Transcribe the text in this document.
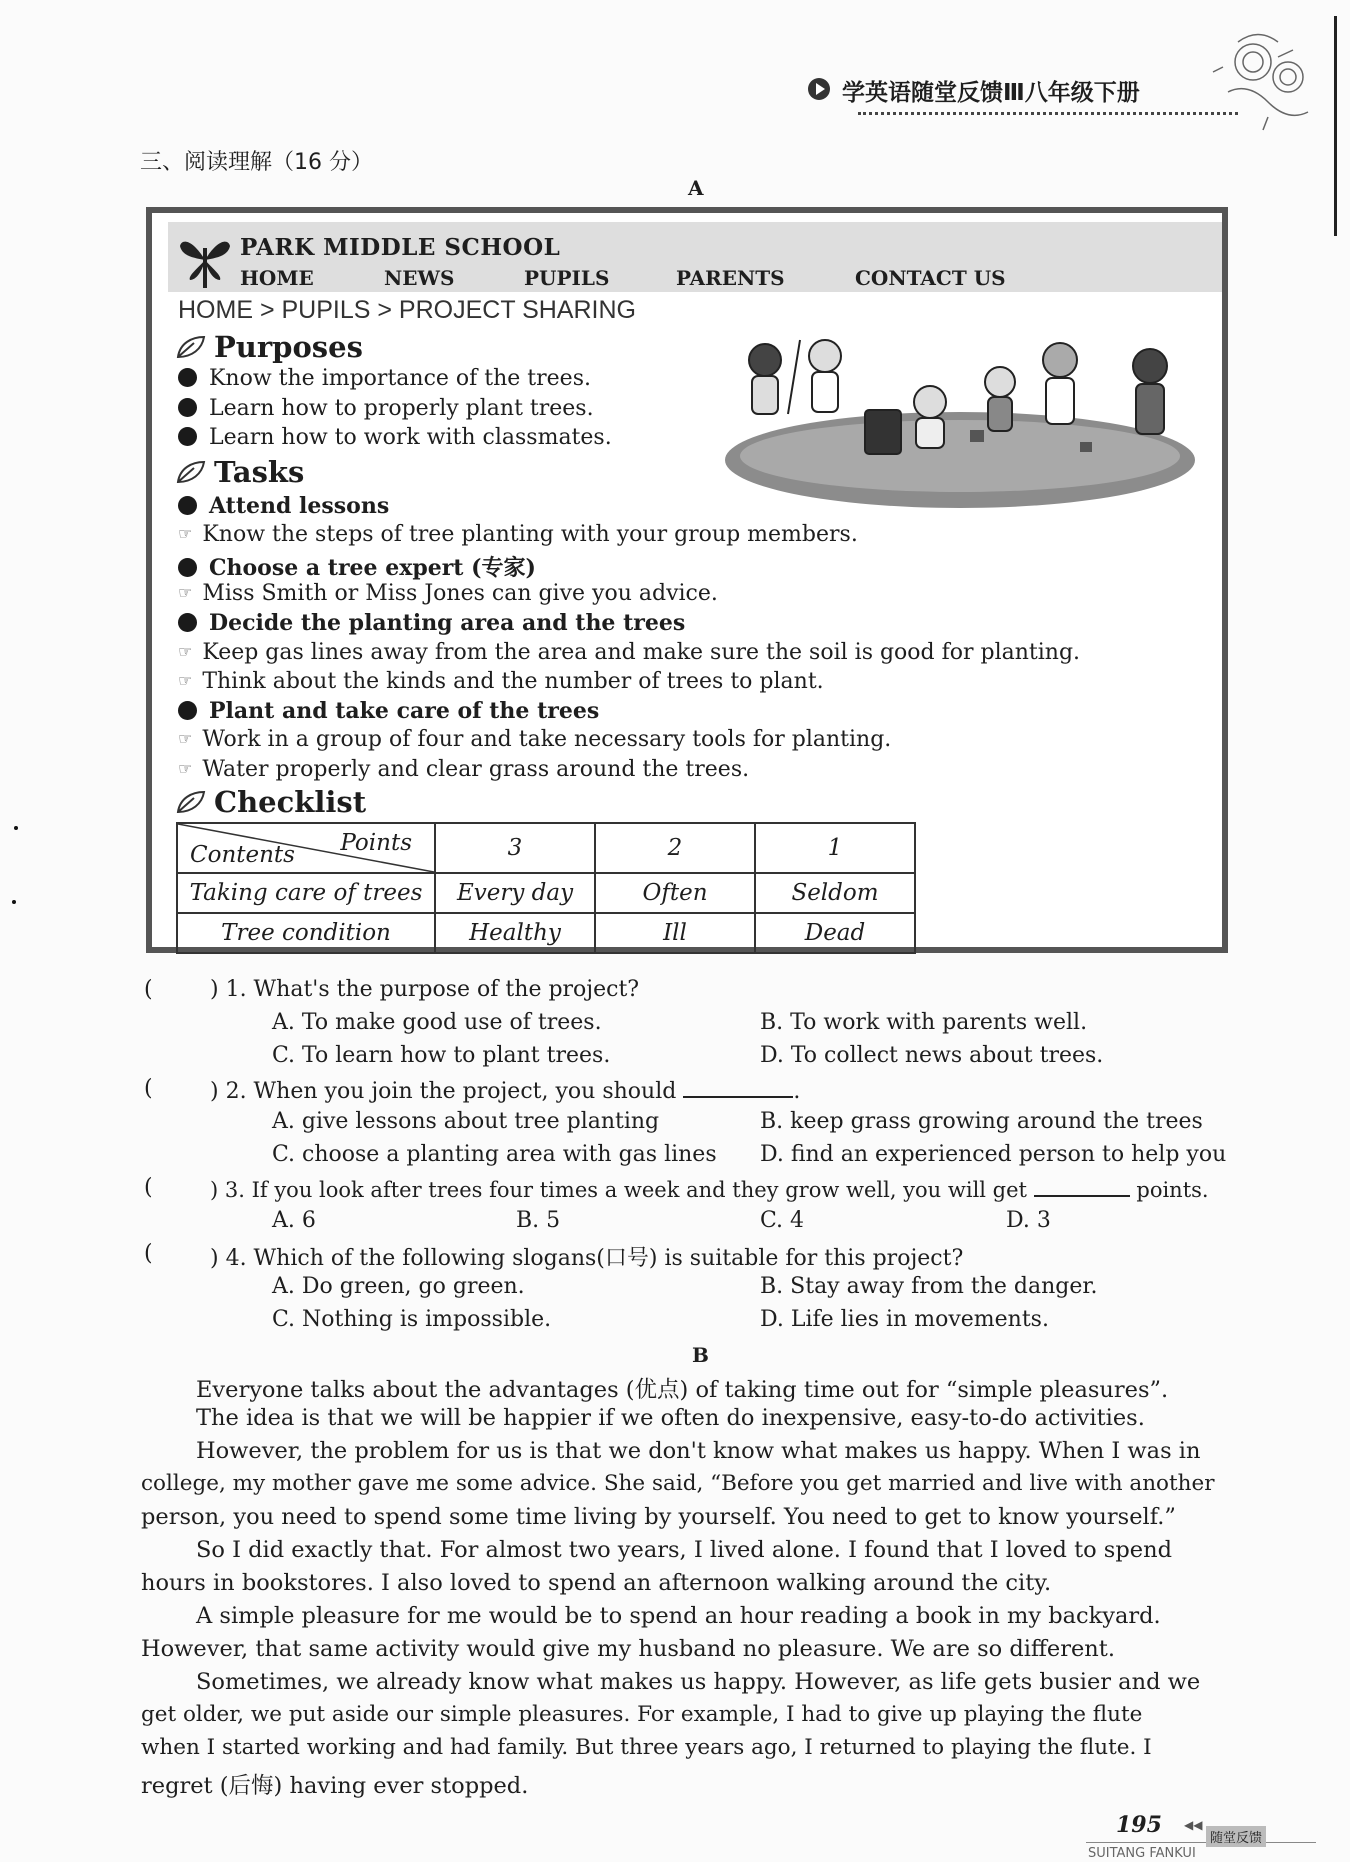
学英语随堂反馈Ⅲ八年级下册
三、阅读理解（16 分）
A
PARK MIDDLE SCHOOL
HOME	NEWS	PUPILS	PARENTS	CONTACT US
HOME > PUPILS > PROJECT SHARING
Purposes
Know the importance of the trees.
Learn how to properly plant trees.
Learn how to work with classmates.
Tasks
Attend lessons
☞ Know the steps of tree planting with your group members.
Choose a tree expert (专家)
☞ Miss Smith or Miss Jones can give you advice.
Decide the planting area and the trees
☞ Keep gas lines away from the area and make sure the soil is good for planting.
☞ Think about the kinds and the number of trees to plant.
Plant and take care of the trees
☞ Work in a group of four and take necessary tools for planting.
☞ Water properly and clear grass around the trees.
Checklist
Points
Contents	3	2	1
Taking care of trees	Every day	Often	Seldom
Tree condition	Healthy	Ill	Dead
(	) 1. What's the purpose of the project?
A. To make good use of trees.	B. To work with parents well.
C. To learn how to plant trees.	D. To collect news about trees.
(	) 2. When you join the project, you should	.
A. give lessons about tree planting	B. keep grass growing around the trees
C. choose a planting area with gas lines D. find an experienced person to help you
(	) 3. If you look after trees four times a week and they grow well, you will get	points.
A. 6	B. 5	C. 4	D. 3
(	) 4. Which of the following slogans(口号) is suitable for this project?
A. Do green, go green.	B. Stay away from the danger.
C. Nothing is impossible.	D. Life lies in movements.
B
Everyone talks about the advantages (优点) of taking time out for “simple pleasures”.
The idea is that we will be happier if we often do inexpensive, easy-to-do activities.
However, the problem for us is that we don't know what makes us happy. When I was in
college, my mother gave me some advice. She said, “Before you get married and live with another
person, you need to spend some time living by yourself. You need to get to know yourself.”
So I did exactly that. For almost two years, I lived alone. I found that I loved to spend
hours in bookstores. I also loved to spend an afternoon walking around the city.
A simple pleasure for me would be to spend an hour reading a book in my backyard.
However, that same activity would give my husband no pleasure. We are so different.
Sometimes, we already know what makes us happy. However, as life gets busier and we
get older, we put aside our simple pleasures. For example, I had to give up playing the flute
when I started working and had family. But three years ago, I returned to playing the flute. I
regret (后悔) having ever stopped.
195 ◀◀
SUITANG FANKUI
随堂反馈
